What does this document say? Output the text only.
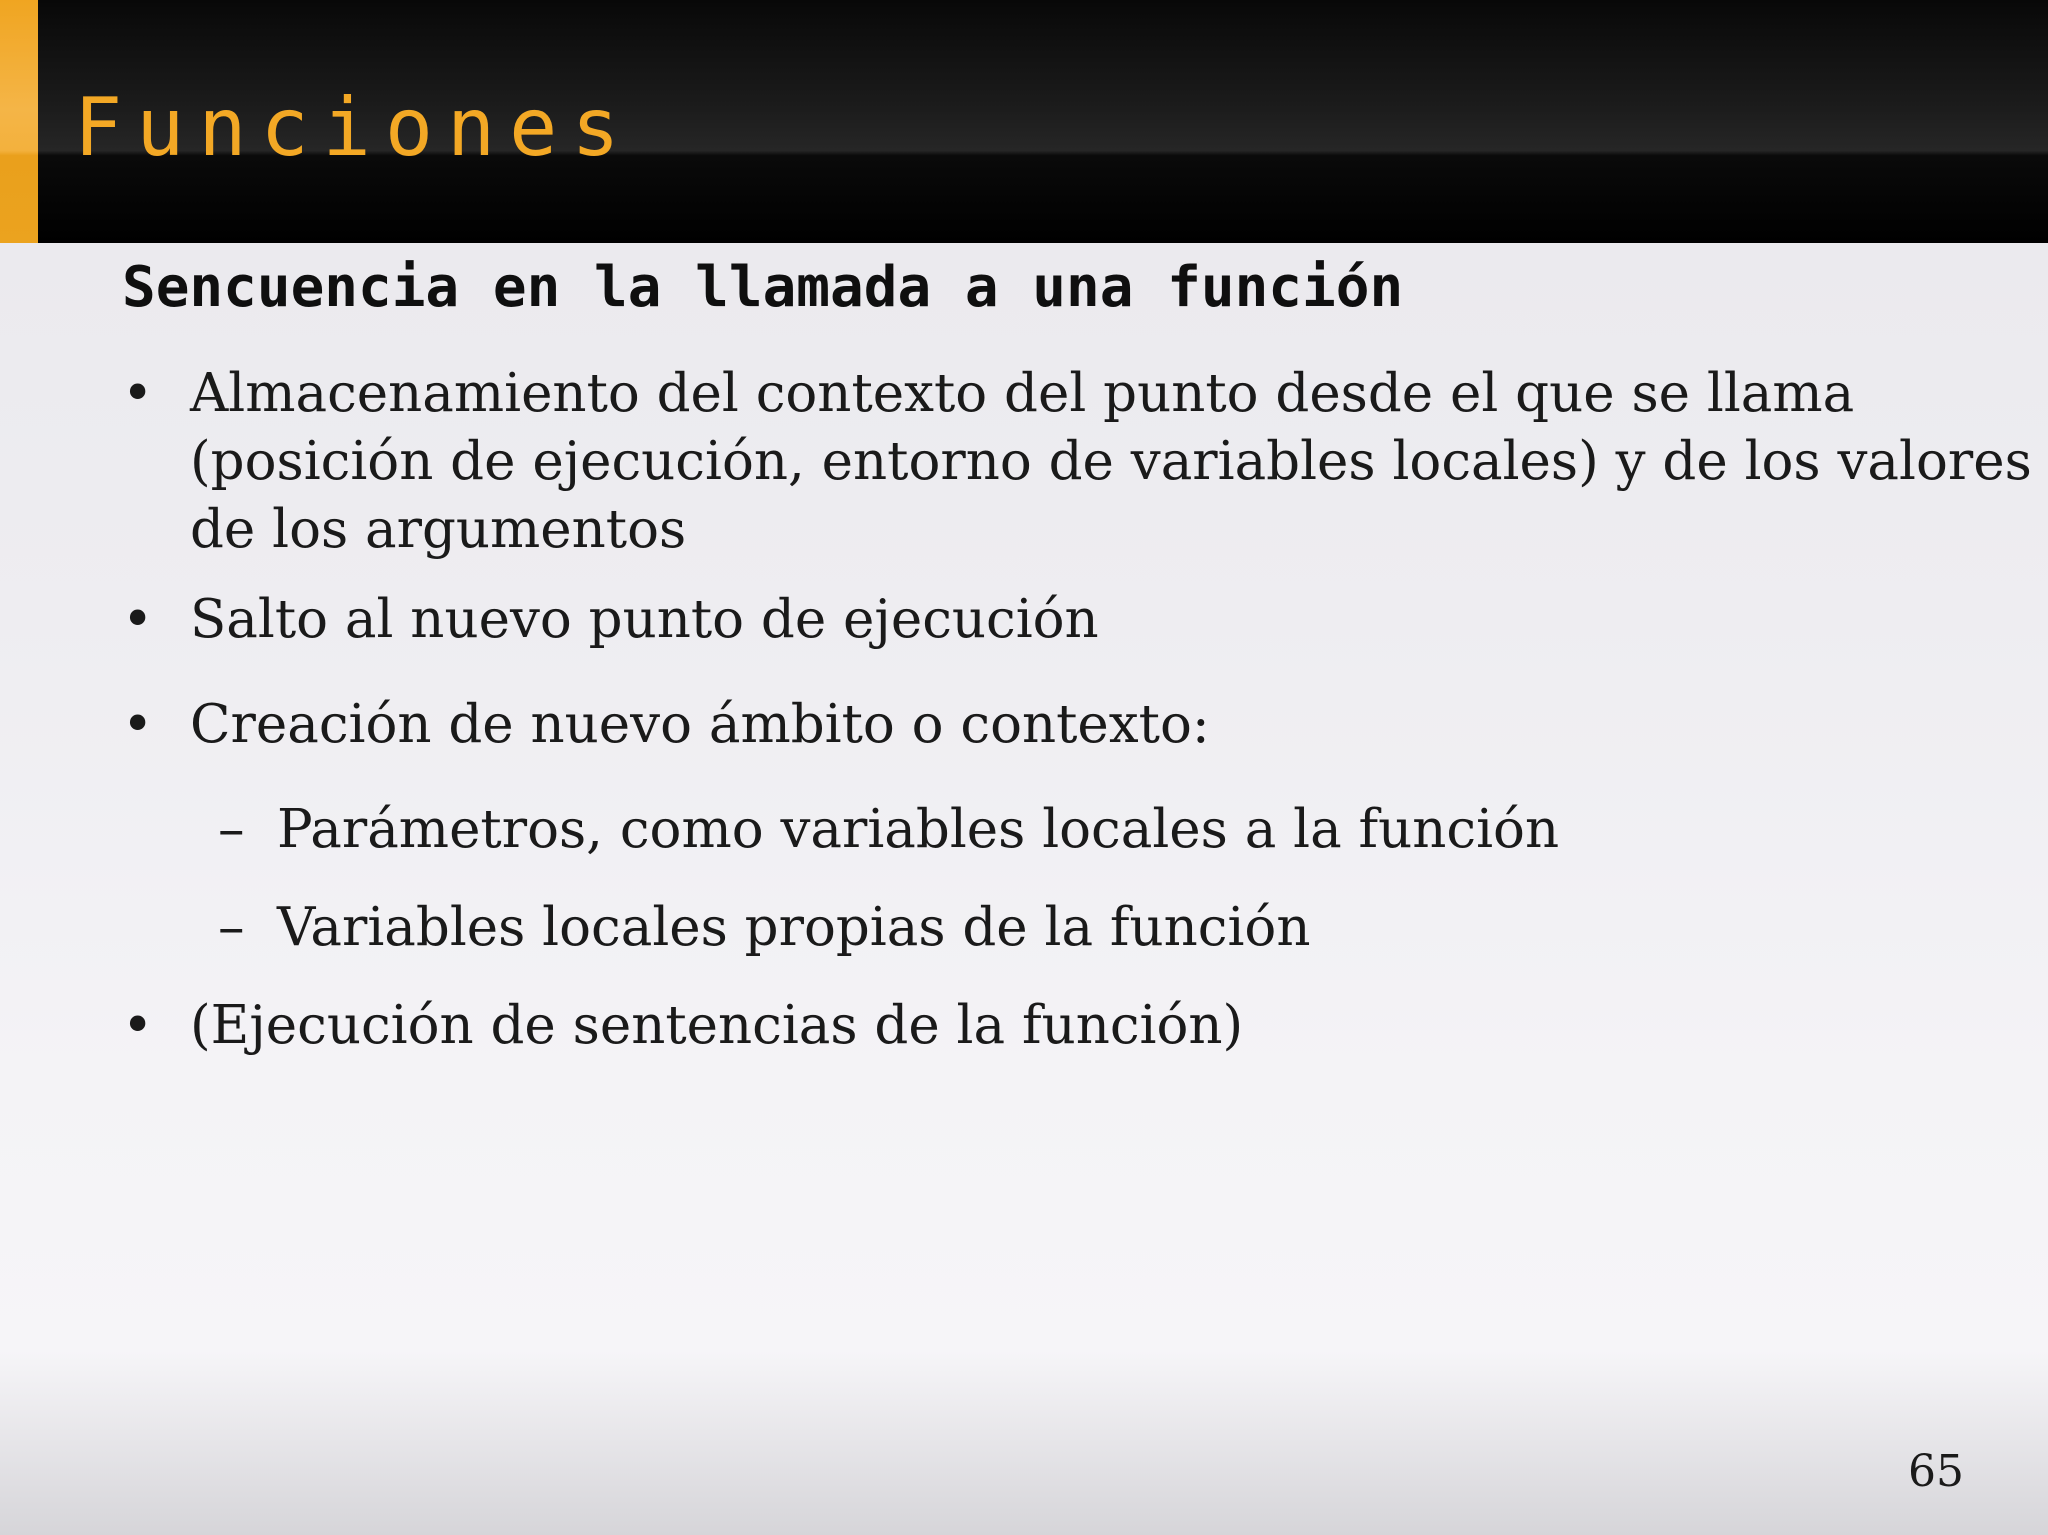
Funciones
Sencuencia en la llamada a una función
• Almacenamiento del contexto del punto desde el que se llama
(posición de ejecución, entorno de variables locales) y de los valores
de los argumentos
• Salto al nuevo punto de ejecución
• Creación de nuevo ámbito o contexto:
– Parámetros, como variables locales a la función
– Variables locales propias de la función
• (Ejecución de sentencias de la función)
65
